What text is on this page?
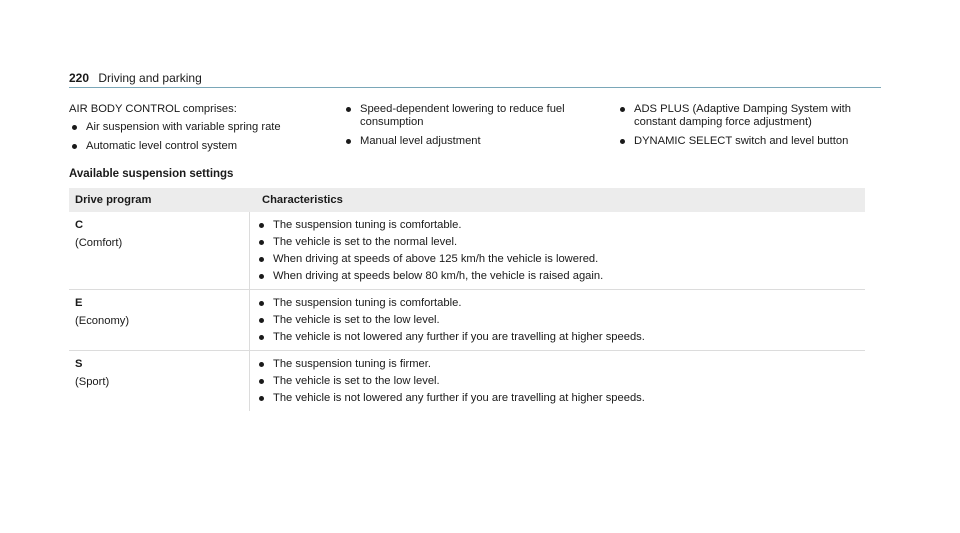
220 Driving and parking
AIR BODY CONTROL comprises:
Air suspension with variable spring rate
Automatic level control system
Speed-dependent lowering to reduce fuel consumption
Manual level adjustment
ADS PLUS (Adaptive Damping System with constant damping force adjustment)
DYNAMIC SELECT switch and level button
Available suspension settings
Drive program	Characteristics
C
(Comfort)
The suspension tuning is comfortable.
The vehicle is set to the normal level.
When driving at speeds of above 125 km/h the vehicle is lowered.
When driving at speeds below 80 km/h, the vehicle is raised again.
E
(Economy)
The suspension tuning is comfortable.
The vehicle is set to the low level.
The vehicle is not lowered any further if you are travelling at higher speeds.
S
(Sport)
The suspension tuning is firmer.
The vehicle is set to the low level.
The vehicle is not lowered any further if you are travelling at higher speeds.
